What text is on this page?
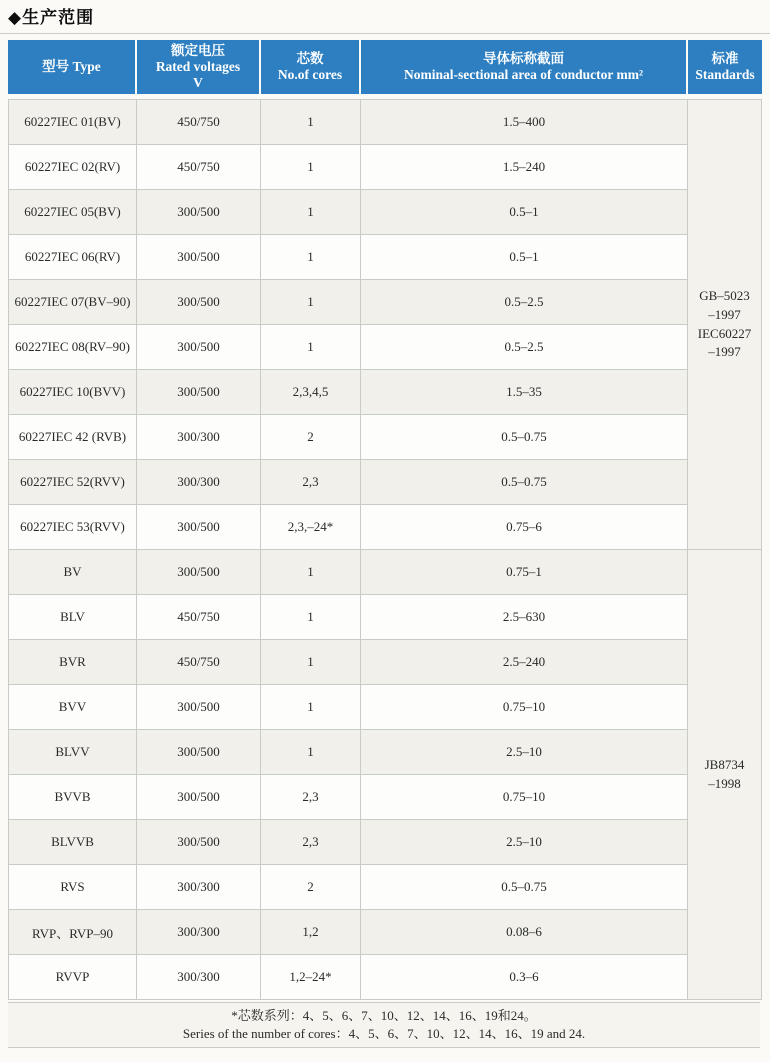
◆生产范围
型号 Type	额定电压
Rated voltages
V	芯数
No.of cores	导体标称截面
Nominal-sectional area of conductor mm²	标准
Standards

60227IEC 01(BV)	450/750	1	1.5–400	GB–5023
–1997
IEC60227
–1997

60227IEC 02(RV)	450/750	1	1.5–240	
60227IEC 05(BV)	300/500	1	0.5–1	
60227IEC 06(RV)	300/500	1	0.5–1	
60227IEC 07(BV–90)	300/500	1	0.5–2.5	
60227IEC 08(RV–90)	300/500	1	0.5–2.5	
60227IEC 10(BVV)	300/500	2,3,4,5	1.5–35	
60227IEC 42 (RVB)	300/300	2	0.5–0.75	
60227IEC 52(RVV)	300/300	2,3	0.5–0.75	
60227IEC 53(RVV)	300/500	2,3,–24*	0.75–6	
BV	300/500	1	0.75–1	JB8734
–1998

BLV	450/750	1	2.5–630	
BVR	450/750	1	2.5–240	
BVV	300/500	1	0.75–10	
BLVV	300/500	1	2.5–10	
BVVB	300/500	2,3	0.75–10	
BLVVB	300/500	2,3	2.5–10	
RVS	300/300	2	0.5–0.75	
RVP、RVP–90	300/300	1,2	0.08–6	
RVVP	300/300	1,2–24*	0.3–6	
*芯数系列：4、5、6、7、10、12、14、16、19和24。
Series of the number of cores：4、5、6、7、10、12、14、16、19 and 24.
